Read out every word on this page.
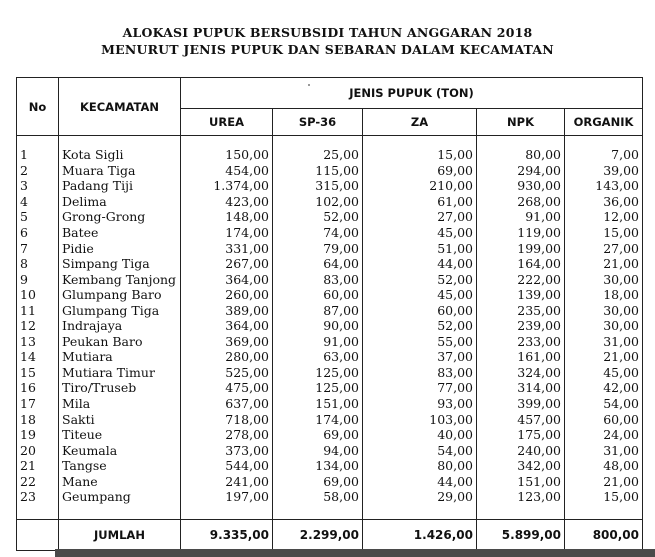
ALOKASI PUPUK BERSUBSIDI TAHUN ANGGARAN 2018
MENURUT JENIS PUPUK DAN SEBARAN DALAM KECAMATAN
No	KECAMATAN	JENIS PUPUK (TON)				
		UREA	SP-36	ZA	NPK	ORGANIK

1	Kota Sigli	150,00	25,00	15,00	80,00	7,00
2	Muara Tiga	454,00	115,00	69,00	294,00	39,00
3	Padang Tiji	1.374,00	315,00	210,00	930,00	143,00
4	Delima	423,00	102,00	61,00	268,00	36,00
5	Grong-Grong	148,00	52,00	27,00	91,00	12,00
6	Batee	174,00	74,00	45,00	119,00	15,00
7	Pidie	331,00	79,00	51,00	199,00	27,00
8	Simpang Tiga	267,00	64,00	44,00	164,00	21,00
9	Kembang Tanjong	364,00	83,00	52,00	222,00	30,00
10	Glumpang Baro	260,00	60,00	45,00	139,00	18,00
11	Glumpang Tiga	389,00	87,00	60,00	235,00	30,00
12	Indrajaya	364,00	90,00	52,00	239,00	30,00
13	Peukan Baro	369,00	91,00	55,00	233,00	31,00
14	Mutiara	280,00	63,00	37,00	161,00	21,00
15	Mutiara Timur	525,00	125,00	83,00	324,00	45,00
16	Tiro/Truseb	475,00	125,00	77,00	314,00	42,00
17	Mila	637,00	151,00	93,00	399,00	54,00
18	Sakti	718,00	174,00	103,00	457,00	60,00
19	Titeue	278,00	69,00	40,00	175,00	24,00
20	Keumala	373,00	94,00	54,00	240,00	31,00
21	Tangse	544,00	134,00	80,00	342,00	48,00
22	Mane	241,00	69,00	44,00	151,00	21,00
23	Geumpang	197,00	58,00	29,00	123,00	15,00

	JUMLAH	9.335,00	2.299,00	1.426,00	5.899,00	800,00
